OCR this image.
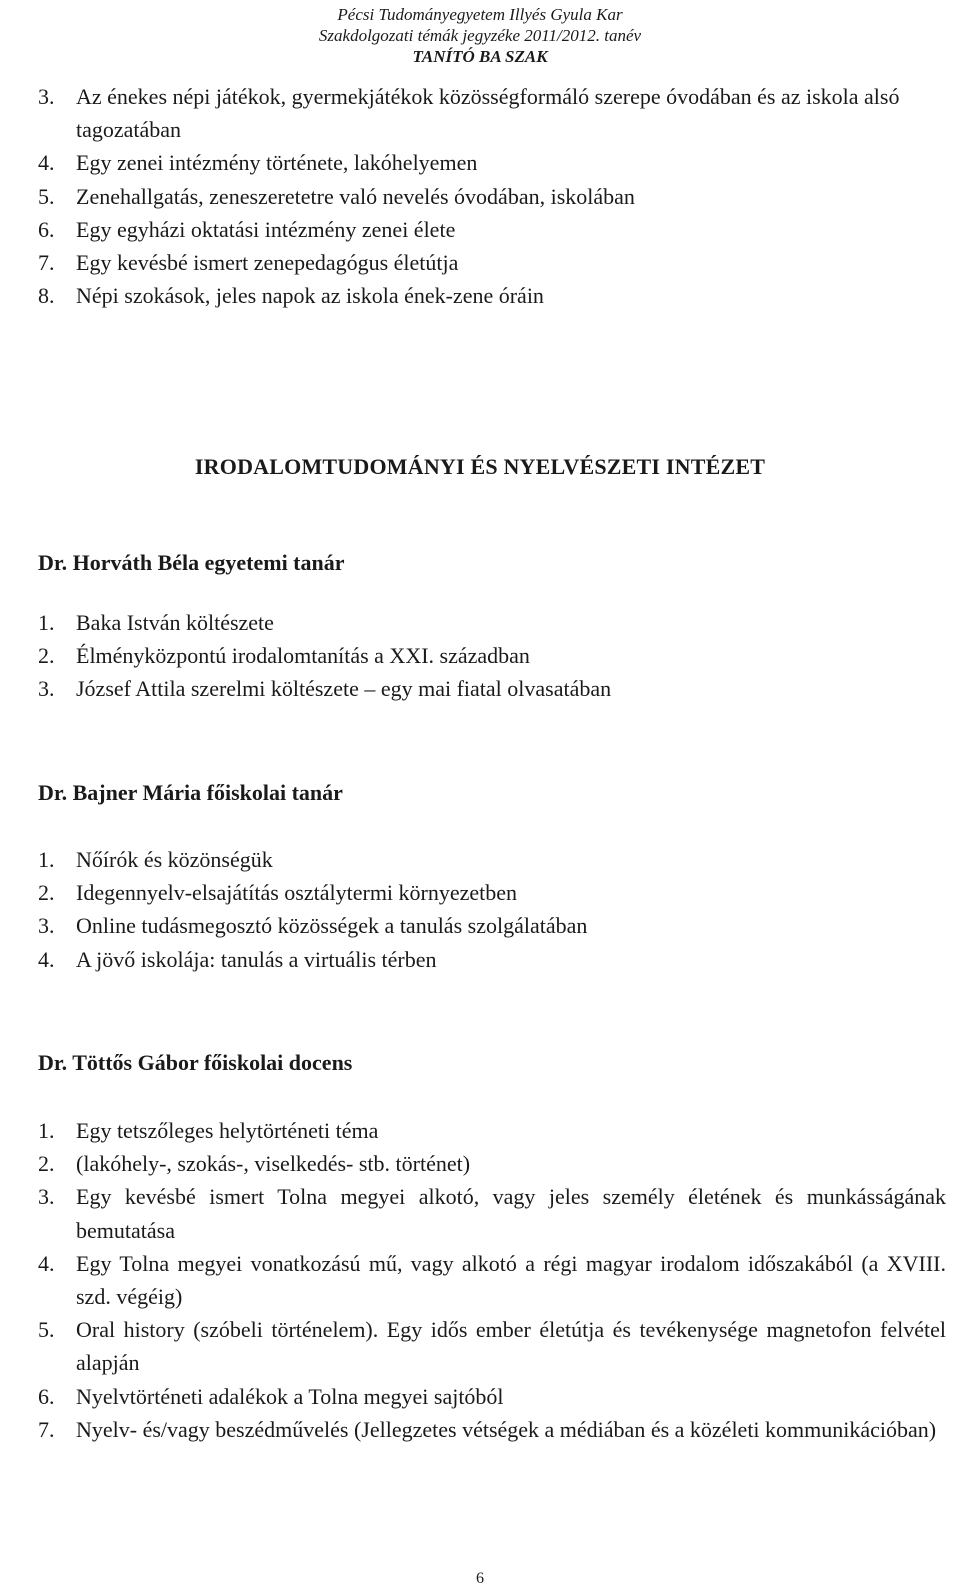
Pécsi Tudományegyetem Illyés Gyula Kar
Szakdolgozati témák jegyzéke 2011/2012. tanév
TANÍTÓ BA SZAK
3. Az énekes népi játékok, gyermekjátékok közösségformáló szerepe óvodában és az iskola alsó tagozatában
4. Egy zenei intézmény története, lakóhelyemen
5. Zenehallgatás, zeneszeretetre való nevelés óvodában, iskolában
6. Egy egyházi oktatási intézmény zenei élete
7. Egy kevésbé ismert zenepedagógus életútja
8. Népi szokások, jeles napok az iskola ének-zene óráin
IRODALOMTUDOMÁNYI ÉS NYELVÉSZETI INTÉZET
Dr. Horváth Béla egyetemi tanár
1. Baka István költészete
2. Élményközpontú irodalomtanítás a XXI. században
3. József Attila szerelmi költészete – egy mai fiatal olvasatában
Dr. Bajner Mária főiskolai tanár
1. Nőírók és közönségük
2. Idegennyelv-elsajátítás osztálytermi környezetben
3. Online tudásmegosztó közösségek a tanulás szolgálatában
4. A jövő iskolája: tanulás a virtuális térben
Dr. Töttős Gábor főiskolai docens
1. Egy tetszőleges helytörténeti téma
2. (lakóhely-, szokás-, viselkedés- stb. történet)
3. Egy kevésbé ismert Tolna megyei alkotó, vagy jeles személy életének és munkásságának bemutatása
4. Egy Tolna megyei vonatkozású mű, vagy alkotó a régi magyar irodalom időszakából (a XVIII. szd. végéig)
5. Oral history (szóbeli történelem). Egy idős ember életútja és tevékenysége magnetofon felvétel alapján
6. Nyelvtörténeti adalékok a Tolna megyei sajtóból
7. Nyelv- és/vagy beszédművelés (Jellegzetes vétségek a médiában és a közéleti kommunikációban)
6
